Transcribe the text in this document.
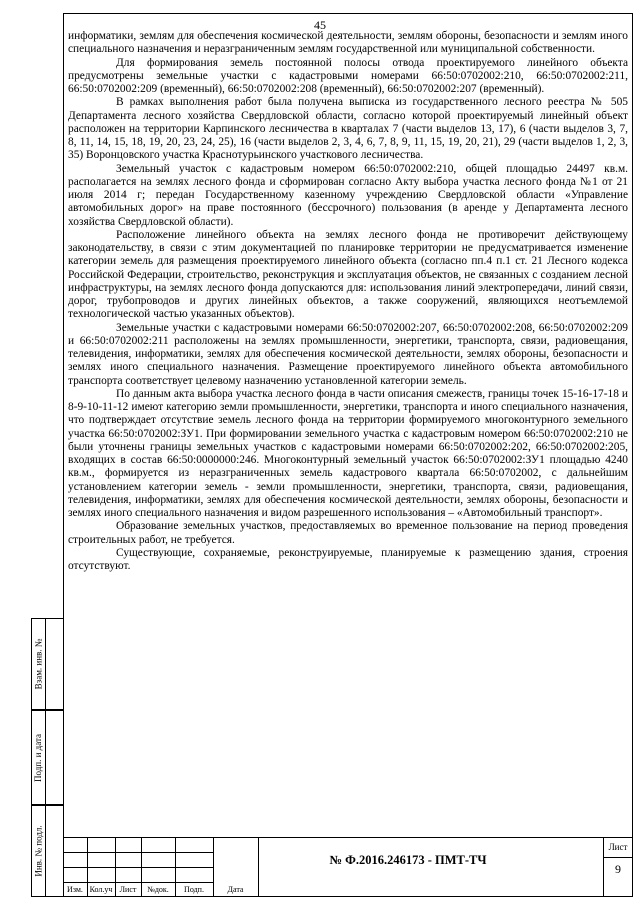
Взам. инв. №
Подп. и дата
Инв. № подл.
45

информатики, землям для обеспечения космической деятельности, землям обороны, безопасности и землям иного специального назначения и неразграниченным землям государственной или муниципальной собственности.

Для формирования земель постоянной полосы отвода проектируемого линейного объекта предусмотрены земельные участки с кадастровыми номерами 66:50:0702002:210, 66:50:0702002:211, 66:50:0702002:209 (временный), 66:50:0702002:208 (временный), 66:50:0702002:207 (временный).

В рамках выполнения работ была получена выписка из государственного лесного реестра № 505 Департамента лесного хозяйства Свердловской области, согласно которой проектируемый линейный объект расположен на территории Карпинского лесничества в кварталах 7 (части выделов 13, 17), 6 (части выделов 3, 7, 8, 11, 14, 15, 18, 19, 20, 23, 24, 25), 16 (части выделов 2, 3, 4, 6, 7, 8, 9, 11, 15, 19, 20, 21), 29 (части выделов 1, 2, 3, 35) Воронцовского участка Краснотурьинского участкового лесничества.

Земельный участок с кадастровым номером 66:50:0702002:210, общей площадью 24497 кв.м. располагается на землях лесного фонда и сформирован согласно Акту выбора участка лесного фонда №1 от 21 июля 2014 г; передан Государственному казенному учреждению Свердловской области «Управление автомобильных дорог» на праве постоянного (бессрочного) пользования (в аренде у Департамента лесного хозяйства Свердловской области).

Расположение линейного объекта на землях лесного фонда не противоречит действующему законодательству, в связи с этим документацией по планировке территории не предусматривается изменение категории земель для размещения проектируемого линейного объекта (согласно пп.4 п.1 ст. 21 Лесного кодекса Российской Федерации, строительство, реконструкция и эксплуатация объектов, не связанных с созданием лесной инфраструктуры, на землях лесного фонда допускаются для: использования линий электропередачи, линий связи, дорог, трубопроводов и других линейных объектов, а также сооружений, являющихся неотъемлемой технологической частью указанных объектов).

Земельные участки с кадастровыми номерами 66:50:0702002:207, 66:50:0702002:208, 66:50:0702002:209 и 66:50:0702002:211 расположены на землях промышленности, энергетики, транспорта, связи, радиовещания, телевидения, информатики, землях для обеспечения космической деятельности, землях обороны, безопасности и землях иного специального назначения. Размещение проектируемого линейного объекта автомобильного транспорта соответствует целевому назначению установленной категории земель.

По данным акта выбора участка лесного фонда в части описания смежеств, границы точек 15-16-17-18 и 8-9-10-11-12 имеют категорию земли промышленности, энергетики, транспорта и иного специального назначения, что подтверждает отсутствие земель лесного фонда на территории формируемого многоконтурного земельного участка 66:50:0702002:ЗУ1. При формировании земельного участка с кадастровым номером 66:50:0702002:210 не были уточнены границы земельных участков с кадастровыми номерами 66:50:0702002:202, 66:50:0702002:205, входящих в состав 66:50:0000000:246. Многоконтурный земельный участок 66:50:0702002:ЗУ1 площадью 4240 кв.м., формируется из неразграниченных земель кадастрового квартала 66:50:0702002, с дальнейшим установлением категории земель - земли промышленности, энергетики, транспорта, связи, радиовещания, телевидения, информатики, землях для обеспечения космической деятельности, землях обороны, безопасности и землях иного специального назначения и видом разрешенного использования – «Автомобильный транспорт».

Образование земельных участков, предоставляемых во временное пользование на период проведения строительных работ, не требуется.

Существующие, сохраняемые, реконструируемые, планируемые к размещению здания, строения отсутствуют.

Изм. Кол.уч Лист	№док.	Подп.	Дата
№ Ф.2016.246173 - ПМТ-ТЧ
Лист
9
